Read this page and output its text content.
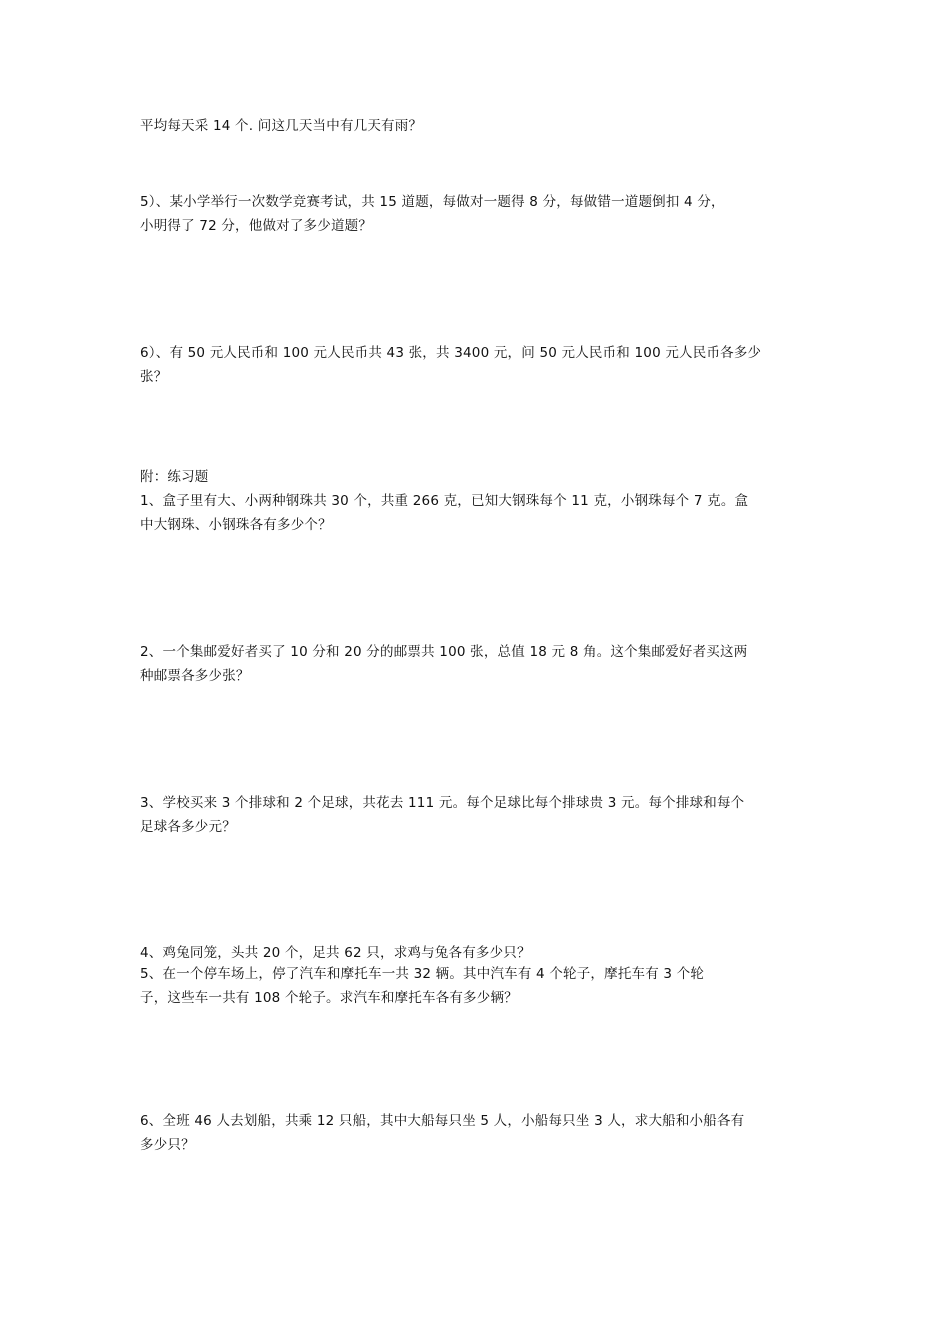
平均每天采 14 个. 问这几天当中有几天有雨？
5）、某小学举行一次数学竞赛考试，共 15 道题，每做对一题得 8 分，每做错一道题倒扣 4 分，
小明得了 72 分，他做对了多少道题？
6）、有 50 元人民币和 100 元人民币共 43 张，共 3400 元，问 50 元人民币和 100 元人民币各多少
张？
附：练习题
1、盒子里有大、小两种钢珠共 30 个，共重 266 克，已知大钢珠每个 11 克，小钢珠每个 7 克。盒
中大钢珠、小钢珠各有多少个？
2、一个集邮爱好者买了 10 分和 20 分的邮票共 100 张，总值 18 元 8 角。这个集邮爱好者买这两
种邮票各多少张？
3、学校买来 3 个排球和 2 个足球，共花去 111 元。每个足球比每个排球贵 3 元。每个排球和每个
足球各多少元？
4、鸡兔同笼，头共 20 个，足共 62 只，求鸡与兔各有多少只？
5、在一个停车场上，停了汽车和摩托车一共 32 辆。其中汽车有 4 个轮子，摩托车有 3 个轮
子，这些车一共有 108 个轮子。求汽车和摩托车各有多少辆？
6、全班 46 人去划船，共乘 12 只船，其中大船每只坐 5 人，小船每只坐 3 人，求大船和小船各有
多少只？
